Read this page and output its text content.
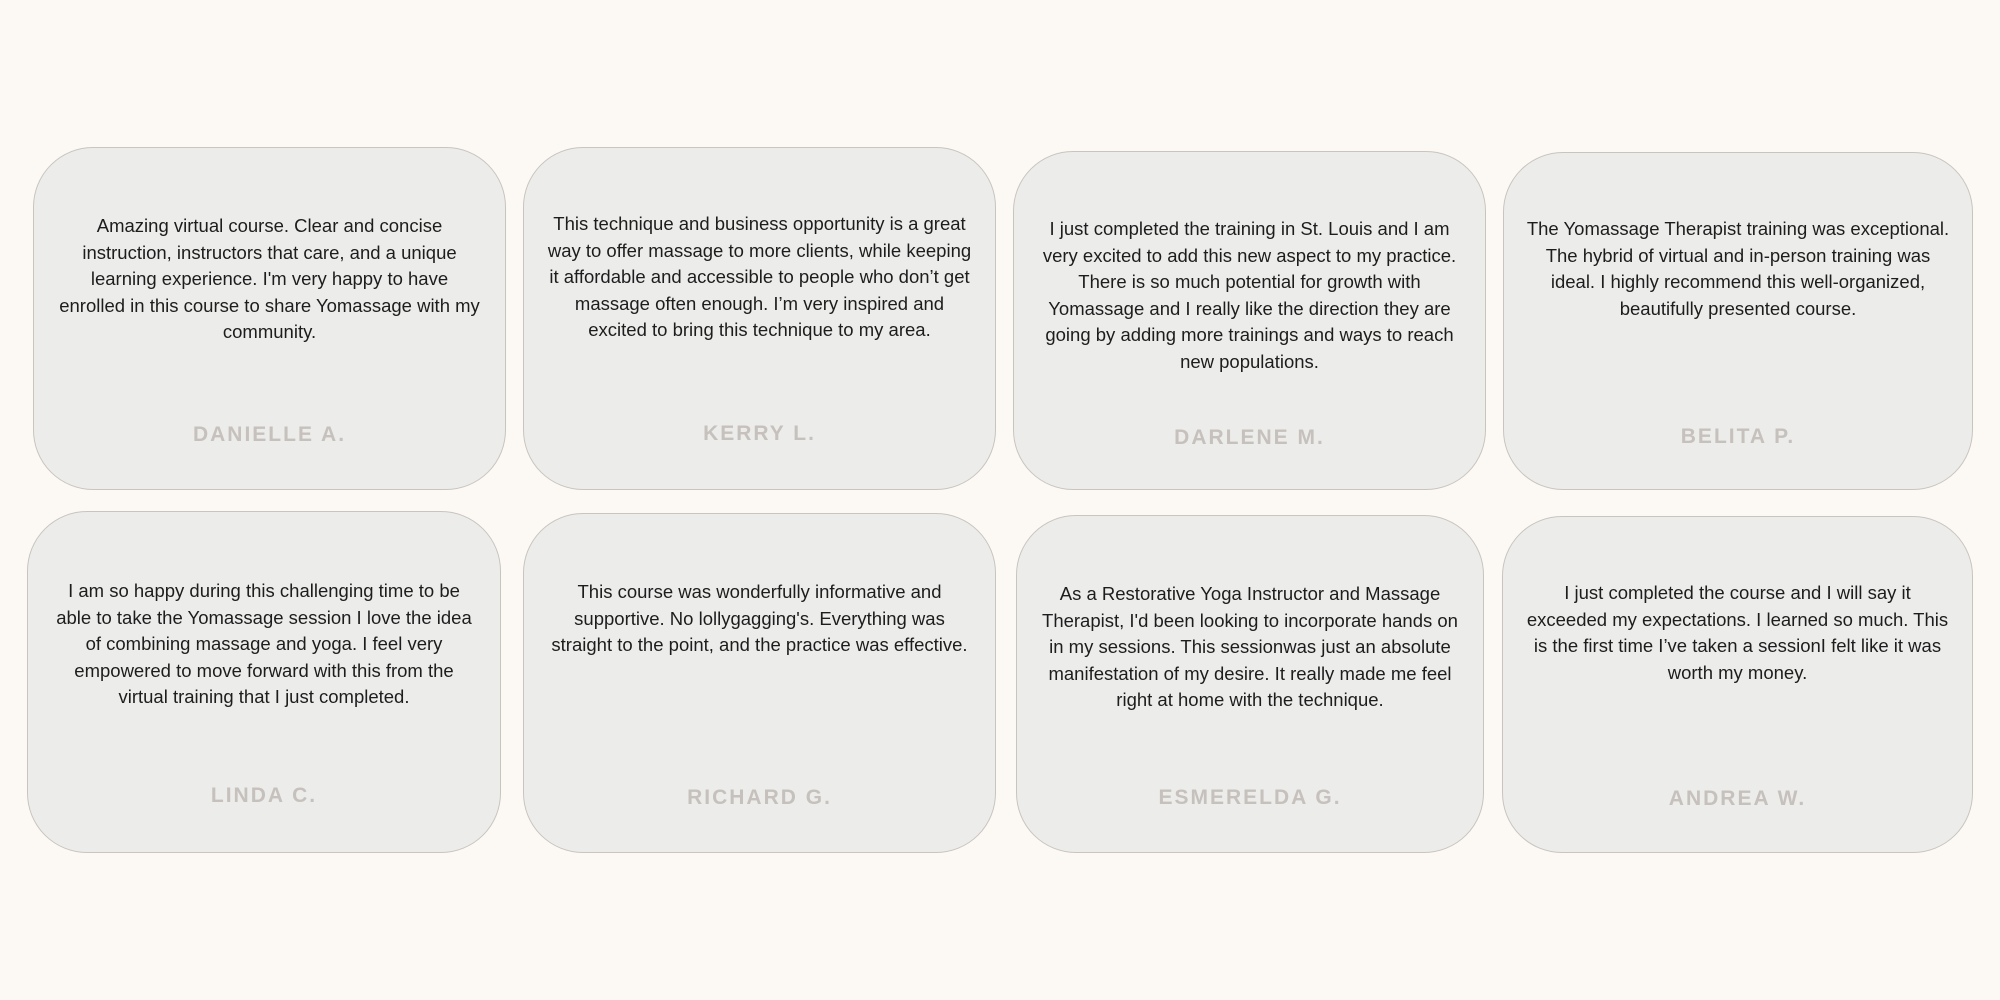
Amazing virtual course. Clear and concise instruction, instructors that care, and a unique learning experience. I'm very happy to have enrolled in this course to share Yomassage with my community.
DANIELLE A.
This technique and business opportunity is a great way to offer massage to more clients, while keeping it affordable and accessible to people who don’t get massage often enough. I’m very inspired and excited to bring this technique to my area.
KERRY L.
I just completed the training in St. Louis and I am very excited to add this new aspect to my practice. There is so much potential for growth with Yomassage and I really like the direction they are going by adding more trainings and ways to reach new populations.
DARLENE M.
The Yomassage Therapist training was exceptional. The hybrid of virtual and in-person training was ideal. I highly recommend this well-organized, beautifully presented course.
BELITA P.
I am so happy during this challenging time to be able to take the Yomassage session I love the idea of combining massage and yoga. I feel very empowered to move forward with this from the virtual training that I just completed.
LINDA C.
This course was wonderfully informative and supportive. No lollygagging's. Everything was straight to the point, and the practice was effective.
RICHARD G.
As a Restorative Yoga Instructor and Massage Therapist, I'd been looking to incorporate hands on in my sessions. This sessionwas just an absolute manifestation of my desire. It really made me feel right at home with the technique.
ESMERELDA G.
I just completed the course and I will say it exceeded my expectations. I learned so much. This is the first time I’ve taken a sessionI felt like it was worth my money.
ANDREA W.
